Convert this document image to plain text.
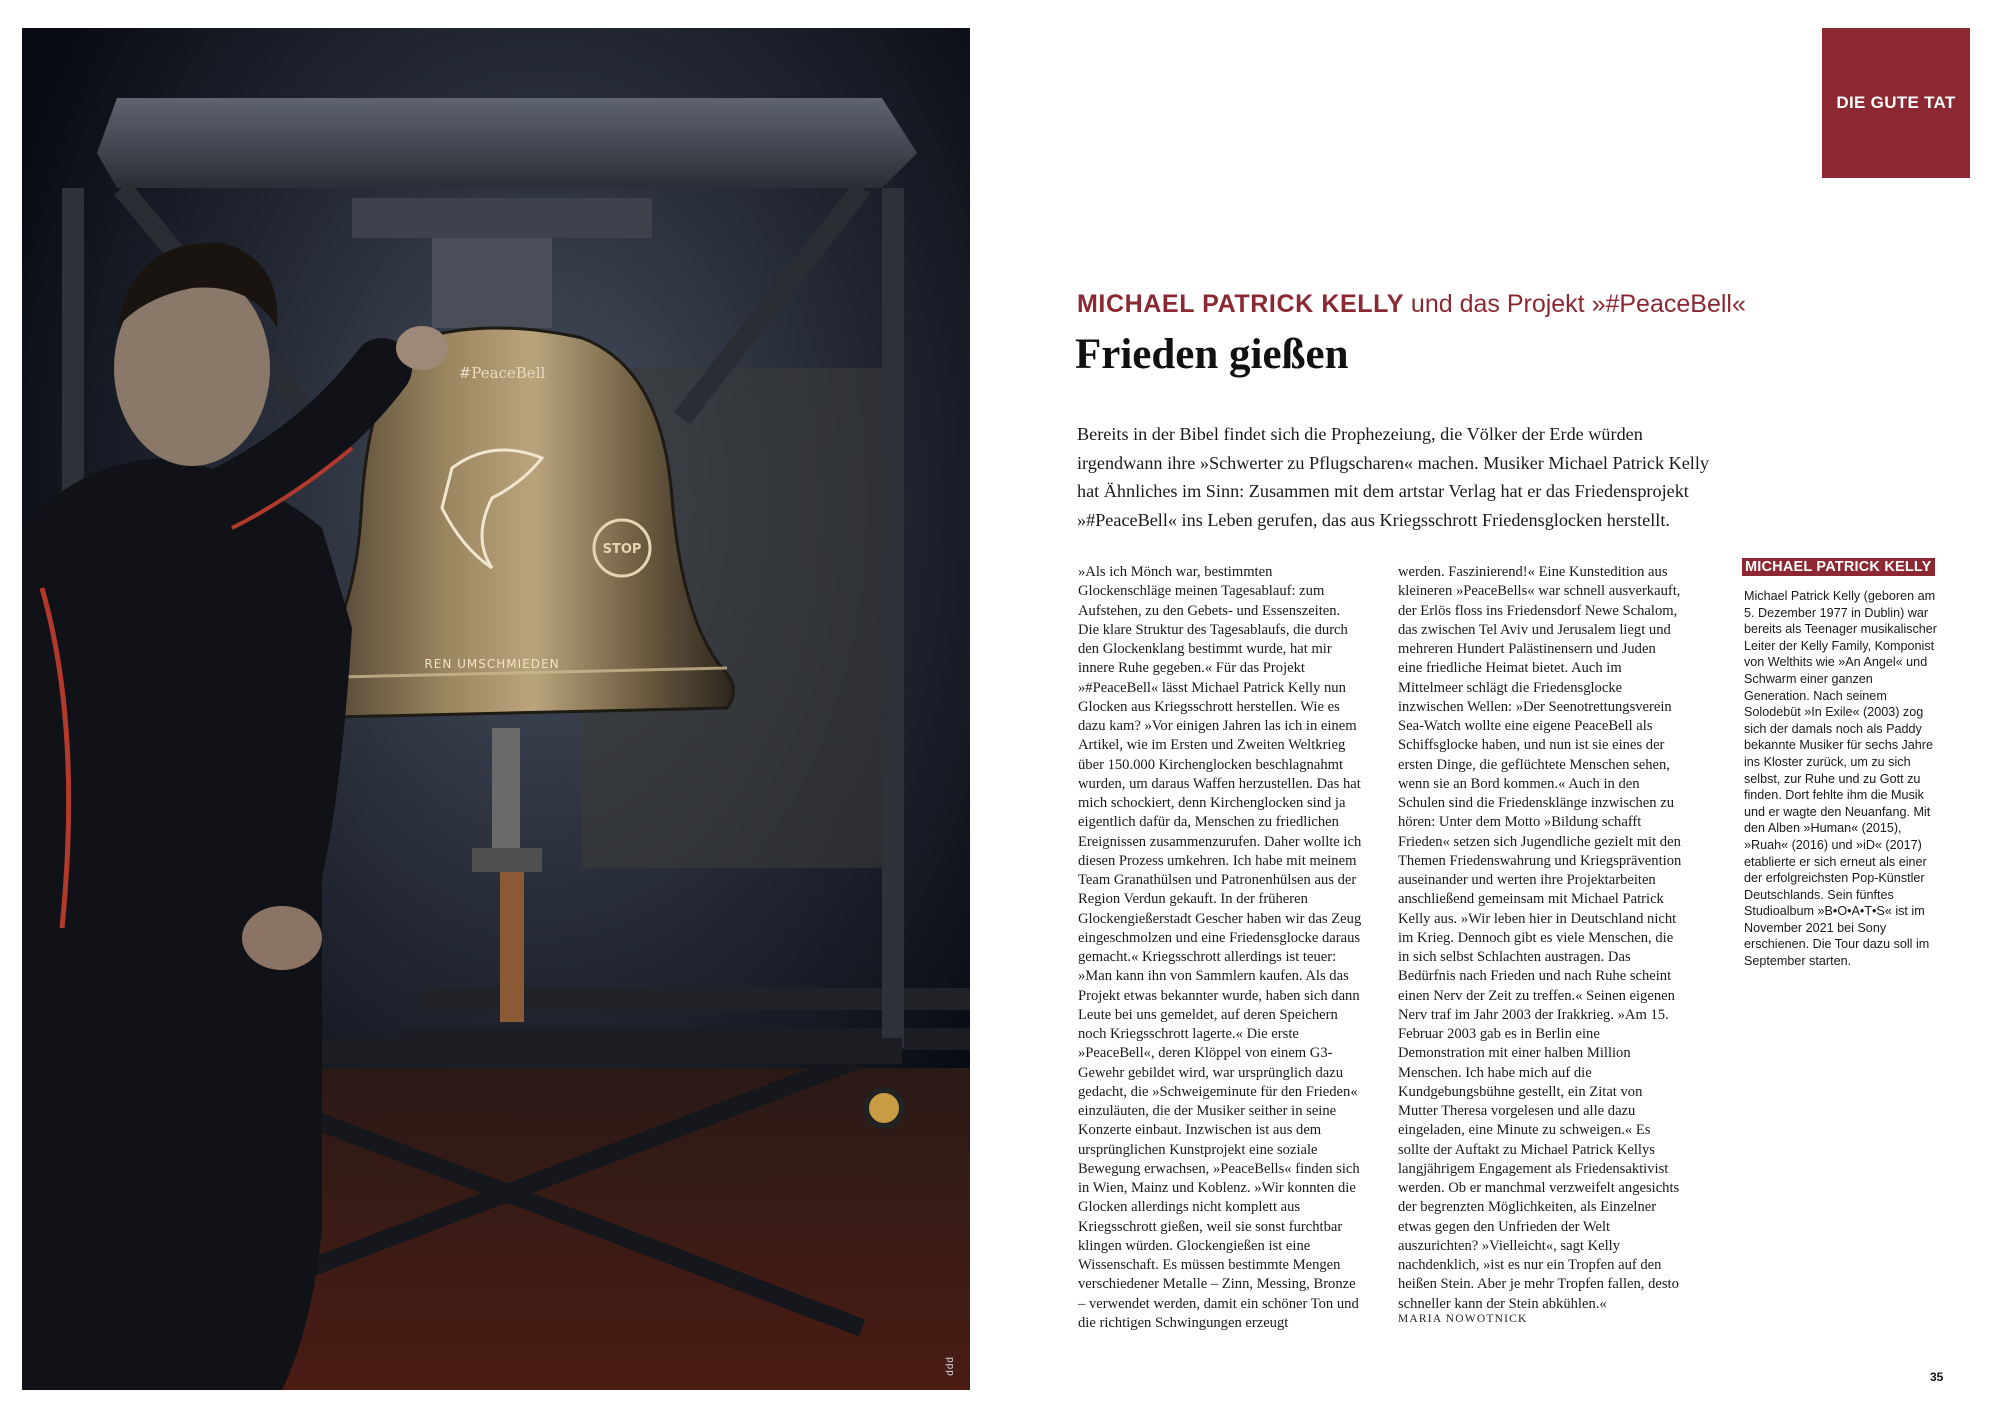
#PeaceBell
STOP
REN UMSCHMIEDEN
ddd
DIE GUTE TAT
MICHAEL PATRICK KELLY und das Projekt »#PeaceBell«
Frieden gießen

Bereits in der Bibel findet sich die Prophezeiung, die Völker der Erde würden irgendwann ihre »Schwerter zu Pflugscharen« machen. Musiker Michael Patrick Kelly hat Ähnliches im Sinn: Zusammen mit dem artstar Verlag hat er das Friedensprojekt »#PeaceBell« ins Leben gerufen, das aus Kriegsschrott Friedensglocken herstellt.

»Als ich Mönch war, bestimmten Glockenschläge meinen Tagesablauf: zum Aufstehen, zu den Gebets- und Essenszeiten. Die klare Struktur des Tagesablaufs, die durch den Glockenklang bestimmt wurde, hat mir innere Ruhe gegeben.« Für das Projekt »#PeaceBell« lässt Michael Patrick Kelly nun Glocken aus Kriegsschrott herstellen. Wie es dazu kam? »Vor einigen Jahren las ich in einem Artikel, wie im Ersten und Zweiten Weltkrieg über 150.000 Kirchenglocken beschlagnahmt wurden, um daraus Waffen herzustellen. Das hat mich schockiert, denn Kirchenglocken sind ja eigentlich dafür da, Menschen zu friedlichen Ereignissen zusammenzurufen. Daher wollte ich diesen Prozess umkehren. Ich habe mit meinem Team Granathülsen und Patronenhülsen aus der Region Verdun gekauft. In der früheren Glockengießerstadt Gescher haben wir das Zeug eingeschmolzen und eine Friedensglocke daraus gemacht.« Kriegsschrott allerdings ist teuer: »Man kann ihn von Sammlern kaufen. Als das Projekt etwas bekannter wurde, haben sich dann Leute bei uns gemeldet, auf deren Speichern noch Kriegsschrott lagerte.« Die erste »PeaceBell«, deren Klöppel von einem G3-Gewehr gebildet wird, war ursprünglich dazu gedacht, die »Schweigeminute für den Frieden« einzuläuten, die der Musiker seither in seine Konzerte einbaut. Inzwischen ist aus dem ursprünglichen Kunstprojekt eine soziale Bewegung erwachsen, »PeaceBells« finden sich in Wien, Mainz und Koblenz. »Wir konnten die Glocken allerdings nicht komplett aus Kriegsschrott gießen, weil sie sonst furchtbar klingen würden. Glockengießen ist eine Wissenschaft. Es müssen bestimmte Mengen verschiedener Metalle – Zinn, Messing, Bronze – verwendet werden, damit ein schöner Ton und die richtigen Schwingungen erzeugt

werden. Faszinierend!« Eine Kunstedition aus kleineren »PeaceBells« war schnell ausverkauft, der Erlös floss ins Friedensdorf Newe Schalom, das zwischen Tel Aviv und Jerusalem liegt und mehreren Hundert Palästinensern und Juden eine friedliche Heimat bietet. Auch im Mittelmeer schlägt die Friedensglocke inzwischen Wellen: »Der Seenotrettungsverein Sea-Watch wollte eine eigene PeaceBell als Schiffsglocke haben, und nun ist sie eines der ersten Dinge, die geflüchtete Menschen sehen, wenn sie an Bord kommen.« Auch in den Schulen sind die Friedensklänge inzwischen zu hören: Unter dem Motto »Bildung schafft Frieden« setzen sich Jugendliche gezielt mit den Themen Friedenswahrung und Kriegsprävention auseinander und werten ihre Projektarbeiten anschließend gemeinsam mit Michael Patrick Kelly aus. »Wir leben hier in Deutschland nicht im Krieg. Dennoch gibt es viele Menschen, die in sich selbst Schlachten austragen. Das Bedürfnis nach Frieden und nach Ruhe scheint einen Nerv der Zeit zu treffen.« Seinen eigenen Nerv traf im Jahr 2003 der Irakkrieg. »Am 15. Februar 2003 gab es in Berlin eine Demonstration mit einer halben Million Menschen. Ich habe mich auf die Kundgebungsbühne gestellt, ein Zitat von Mutter Theresa vorgelesen und alle dazu eingeladen, eine Minute zu schweigen.« Es sollte der Auftakt zu Michael Patrick Kellys langjährigem Engagement als Friedensaktivist werden. Ob er manchmal verzweifelt angesichts der begrenzten Möglichkeiten, als Einzelner etwas gegen den Unfrieden der Welt auszurichten? »Vielleicht«, sagt Kelly nachdenklich, »ist es nur ein Tropfen auf den heißen Stein. Aber je mehr Tropfen fallen, desto schneller kann der Stein abkühlen.«

MARIA NOWOTNICK

MICHAEL PATRICK KELLY

Michael Patrick Kelly (geboren am 5. Dezember 1977 in Dublin) war bereits als Teenager musikalischer Leiter der Kelly Family, Komponist von Welthits wie »An Angel« und Schwarm einer ganzen Generation. Nach seinem Solodebüt »In Exile« (2003) zog sich der damals noch als Paddy bekannte Musiker für sechs Jahre ins Kloster zurück, um zu sich selbst, zur Ruhe und zu Gott zu finden. Dort fehlte ihm die Musik und er wagte den Neuanfang. Mit den Alben »Human« (2015), »Ruah« (2016) und »iD« (2017) etablierte er sich erneut als einer der erfolgreichsten Pop-Künstler Deutschlands. Sein fünftes Studioalbum »B•O•A•T•S« ist im November 2021 bei Sony erschienen. Die Tour dazu soll im September starten.

35
